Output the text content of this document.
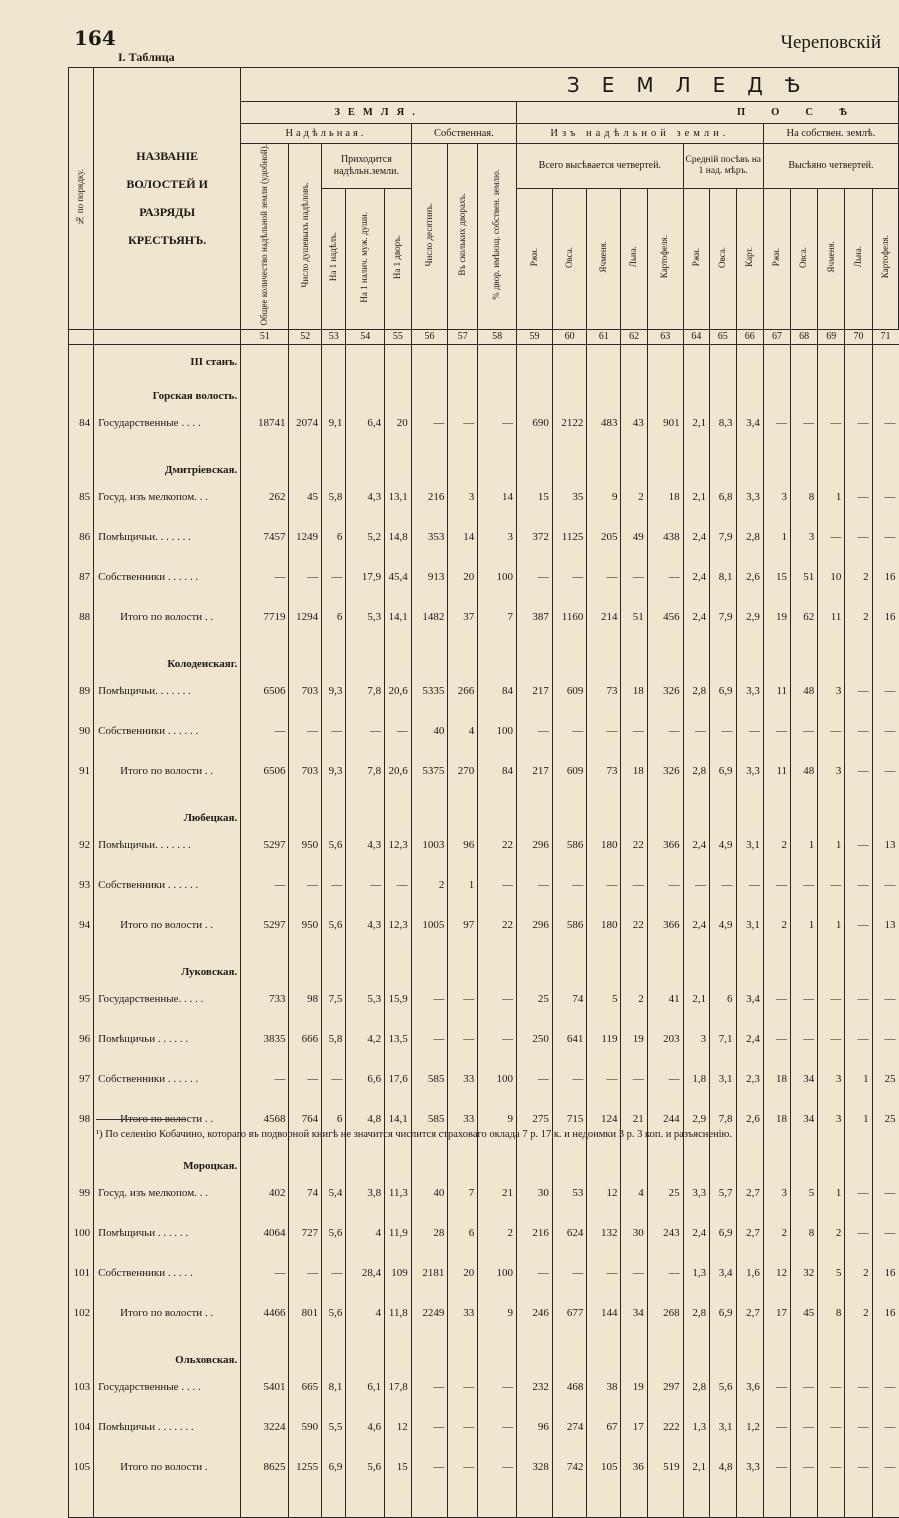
164
I. Таблица
Череповскій
№ по порядку.	НАЗВАНІЕ ВОЛОСТЕЙ И РАЗРЯДЫ КРЕСТЬЯНЪ.	ЗЕМЛЕДѢ																				
		ЗЕМЛЯ.								ПОСѢ												
		Надѣльная.					Собственная.			Изъ надѣльной земли.								На собствен. землѣ.				
		Общее количество надѣльной земли (удобной).	Число душевыхъ надѣловъ.	Приходится надѣльн.земли.			Число десятинъ.	Въ скольких дворахъ.	% двор. имѣющ. собствен. землю.	Всего высѣвается четвертей.					Средній посѣвъ на 1 над. мѣръ.			Высѣяно четвертей.				
				На 1 надѣлъ.	На 1 налич. муж. души.	На 1 дворъ.				Ржи.	Овса.	Ячменя.	Льна.	Картофеля.	Ржи.	Овса.	Карт.	Ржи.	Овса.	Ячменя.	Льна.	Картофеля.
		51	52	53	54	55	56	57	58	59	60	61	62	63	64	65	66	67	68	69	70	71
	III станъ.																					
	Горская волость.																					
84	Государственные . . . .	18741	2074	9,1	6,4	20	—	—	—	690	2122	483	43	901	2,1	8,3	3,4	—	—	—	—	—

	Дмитріевская.																					
85	Госуд. изъ мелкопом. . .	262	45	5,8	4,3	13,1	216	3	14	15	35	9	2	18	2,1	6,8	3,3	3	8	1	—	—

86	Помѣщичьи. . . . . . .	7457	1249	6	5,2	14,8	353	14	3	372	1125	205	49	438	2,4	7,9	2,8	1	3	—	—	—

87	Собственники . . . . . .	—	—	—	17,9	45,4	913	20	100	—	—	—	—	—	2,4	8,1	2,6	15	51	10	2	16

88	Итого по волости . .	7719	1294	6	5,3	14,1	1482	37	7	387	1160	214	51	456	2,4	7,9	2,9	19	62	11	2	16

	Колодеискаяг.																					
89	Помѣщичьи. . . . . . .	6506	703	9,3	7,8	20,6	5335	266	84	217	609	73	18	326	2,8	6,9	3,3	11	48	3	—	—

90	Собственники . . . . . .	—	—	—	—	—	40	4	100	—	—	—	—	—	—	—	—	—	—	—	—	—

91	Итого по волости . .	6506	703	9,3	7,8	20,6	5375	270	84	217	609	73	18	326	2,8	6,9	3,3	11	48	3	—	—

	Любецкая.																					
92	Помѣщичьи. . . . . . .	5297	950	5,6	4,3	12,3	1003	96	22	296	586	180	22	366	2,4	4,9	3,1	2	1	1	—	13

93	Собственники . . . . . .	—	—	—	—	—	2	1	—	—	—	—	—	—	—	—	—	—	—	—	—	—

94	Итого по волости . .	5297	950	5,6	4,3	12,3	1005	97	22	296	586	180	22	366	2,4	4,9	3,1	2	1	1	—	13

	Луковская.																					
95	Государственные. . . . .	733	98	7,5	5,3	15,9	—	—	—	25	74	5	2	41	2,1	6	3,4	—	—	—	—	—

96	Помѣщичьи . . . . . .	3835	666	5,8	4,2	13,5	—	—	—	250	641	119	19	203	3	7,1	2,4	—	—	—	—	—

97	Собственники . . . . . .	—	—	—	6,6	17,6	585	33	100	—	—	—	—	—	1,8	3,1	2,3	18	34	3	1	25

98	Итого по волости . .	4568	764	6	4,8	14,1	585	33	9	275	715	124	21	244	2,9	7,8	2,6	18	34	3	1	25

	Мороцкая.																					
99	Госуд. изъ мелкопом. . .	402	74	5,4	3,8	11,3	40	7	21	30	53	12	4	25	3,3	5,7	2,7	3	5	1	—	—

100	Помѣщичьи . . . . . .	4064	727	5,6	4	11,9	28	6	2	216	624	132	30	243	2,4	6,9	2,7	2	8	2	—	—

101	Собственники . . . . .	—	—	—	28,4	109	2181	20	100	—	—	—	—	—	1,3	3,4	1,6	12	32	5	2	16

102	Итого по волости . .	4466	801	5,6	4	11,8	2249	33	9	246	677	144	34	268	2,8	6,9	2,7	17	45	8	2	16

	Ольховская.																					
103	Государственные . . . .	5401	665	8,1	6,1	17,8	—	—	—	232	468	38	19	297	2,8	5,6	3,6	—	—	—	—	—

104	Помѣщичьи . . . . . . .	3224	590	5,5	4,6	12	—	—	—	96	274	67	17	222	1,3	3,1	1,2	—	—	—	—	—

105	Итого по волости .	8625	1255	6,9	5,6	15	—	—	—	328	742	105	36	519	2,1	4,8	3,3	—	—	—	—	—

¹) По селенію Кобачино, котораго въ подворной книгѣ не значится числится страховаго оклада 7 р. 17 к. и недоимки 3 р. 3 коп. и разъясненію.
